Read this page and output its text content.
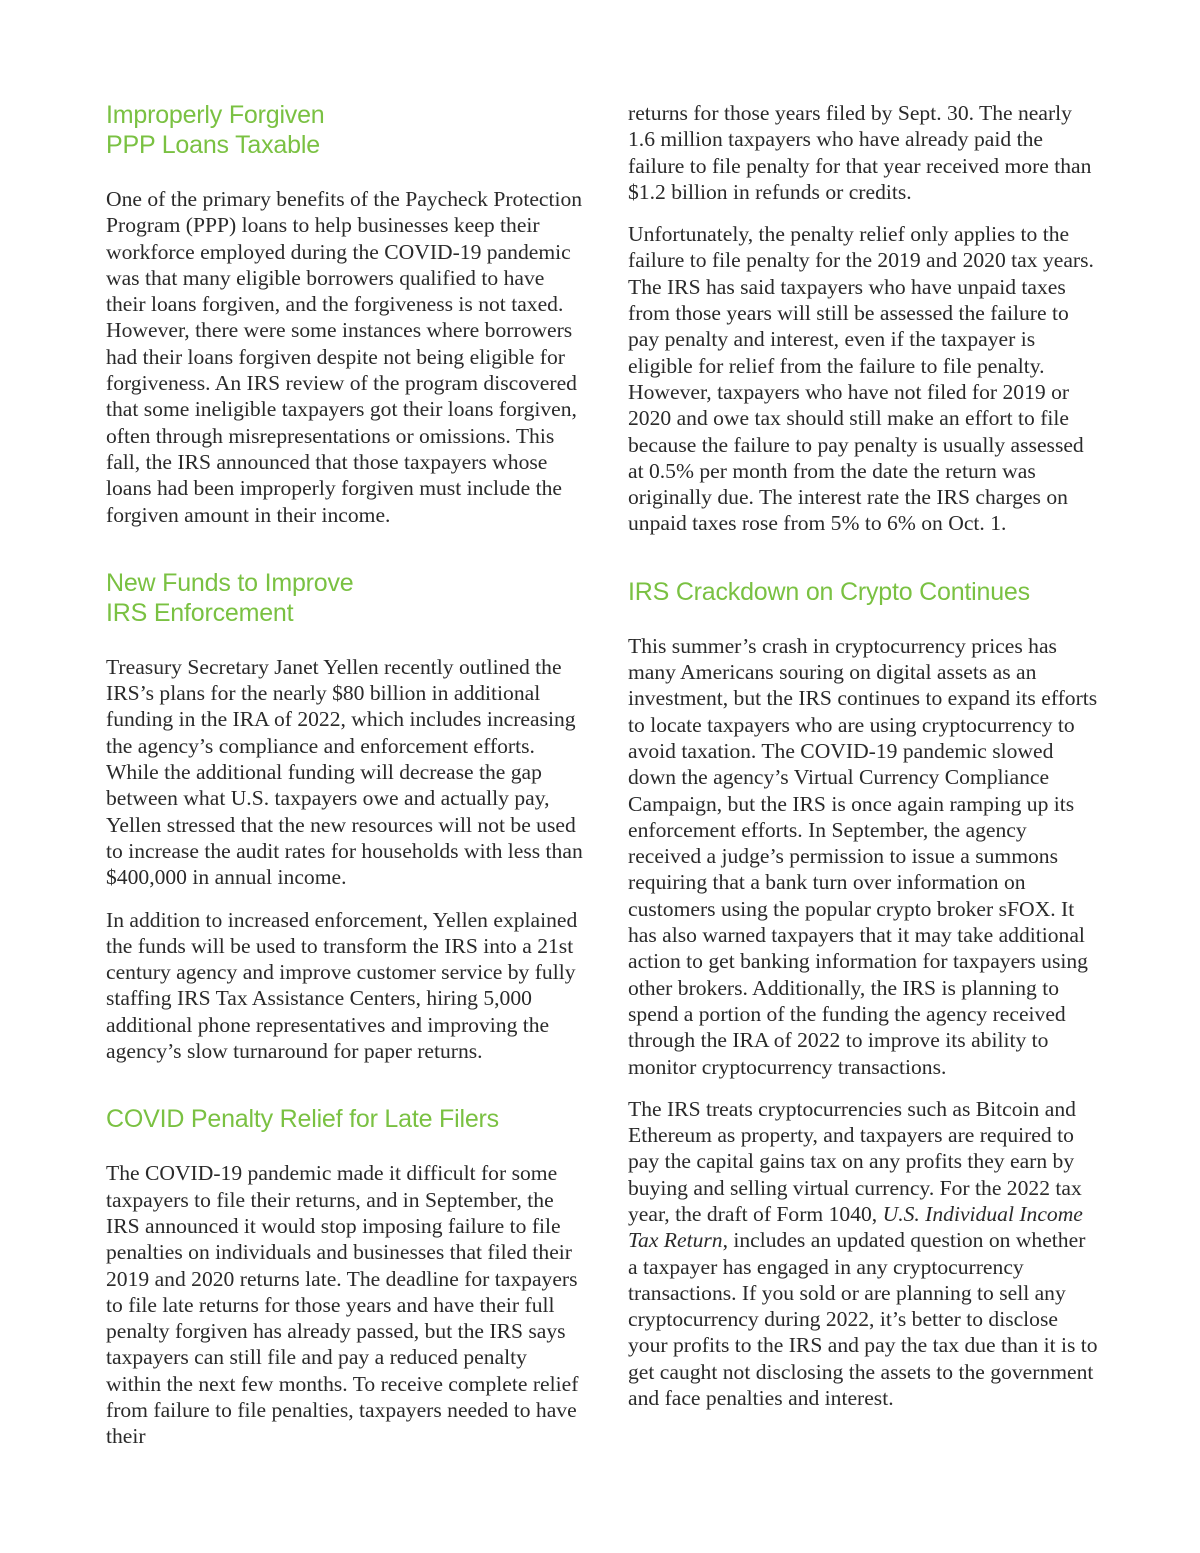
Improperly Forgiven
PPP Loans Taxable

One of the primary benefits of the Paycheck Protection Program (PPP) loans to help businesses keep their workforce employed during the COVID-19 pandemic was that many eligible borrowers qualified to have their loans forgiven, and the forgiveness is not taxed. However, there were some instances where borrowers had their loans forgiven despite not being eligible for forgiveness. An IRS review of the program discovered that some ineligible taxpayers got their loans forgiven, often through misrepresentations or omissions. This fall, the IRS announced that those taxpayers whose loans had been improperly forgiven must include the forgiven amount in their income.

New Funds to Improve
IRS Enforcement

Treasury Secretary Janet Yellen recently outlined the IRS’s plans for the nearly $80 billion in additional funding in the IRA of 2022, which includes increasing the agency’s compliance and enforcement efforts. While the additional funding will decrease the gap between what U.S. taxpayers owe and actually pay, Yellen stressed that the new resources will not be used to increase the audit rates for households with less than $400,000 in annual income.

In addition to increased enforcement, Yellen explained the funds will be used to transform the IRS into a 21st century agency and improve customer service by fully staffing IRS Tax Assistance Centers, hiring 5,000 additional phone representatives and improving the agency’s slow turnaround for paper returns.

COVID Penalty Relief for Late Filers

The COVID-19 pandemic made it difficult for some taxpayers to file their returns, and in September, the IRS announced it would stop imposing failure to file penalties on individuals and businesses that filed their 2019 and 2020 returns late. The deadline for taxpayers to file late returns for those years and have their full penalty forgiven has already passed, but the IRS says taxpayers can still file and pay a reduced penalty within the next few months. To receive complete relief from failure to file penalties, taxpayers needed to have their

returns for those years filed by Sept. 30. The nearly 1.6 million taxpayers who have already paid the failure to file penalty for that year received more than $1.2 billion in refunds or credits.

Unfortunately, the penalty relief only applies to the failure to file penalty for the 2019 and 2020 tax years. The IRS has said taxpayers who have unpaid taxes from those years will still be assessed the failure to pay penalty and interest, even if the taxpayer is eligible for relief from the failure to file penalty. However, taxpayers who have not filed for 2019 or 2020 and owe tax should still make an effort to file because the failure to pay penalty is usually assessed at 0.5% per month from the date the return was originally due. The interest rate the IRS charges on unpaid taxes rose from 5% to 6% on Oct. 1.

IRS Crackdown on Crypto Continues

This summer’s crash in cryptocurrency prices has many Americans souring on digital assets as an investment, but the IRS continues to expand its efforts to locate taxpayers who are using cryptocurrency to avoid taxation. The COVID-19 pandemic slowed down the agency’s Virtual Currency Compliance Campaign, but the IRS is once again ramping up its enforcement efforts. In September, the agency received a judge’s permission to issue a summons requiring that a bank turn over information on customers using the popular crypto broker sFOX. It has also warned taxpayers that it may take additional action to get banking information for taxpayers using other brokers. Additionally, the IRS is planning to spend a portion of the funding the agency received through the IRA of 2022 to improve its ability to monitor cryptocurrency transactions.

The IRS treats cryptocurrencies such as Bitcoin and Ethereum as property, and taxpayers are required to pay the capital gains tax on any profits they earn by buying and selling virtual currency. For the 2022 tax year, the draft of Form 1040, U.S. Individual Income Tax Return, includes an updated question on whether a taxpayer has engaged in any cryptocurrency transactions. If you sold or are planning to sell any cryptocurrency during 2022, it’s better to disclose your profits to the IRS and pay the tax due than it is to get caught not disclosing the assets to the government and face penalties and interest.
